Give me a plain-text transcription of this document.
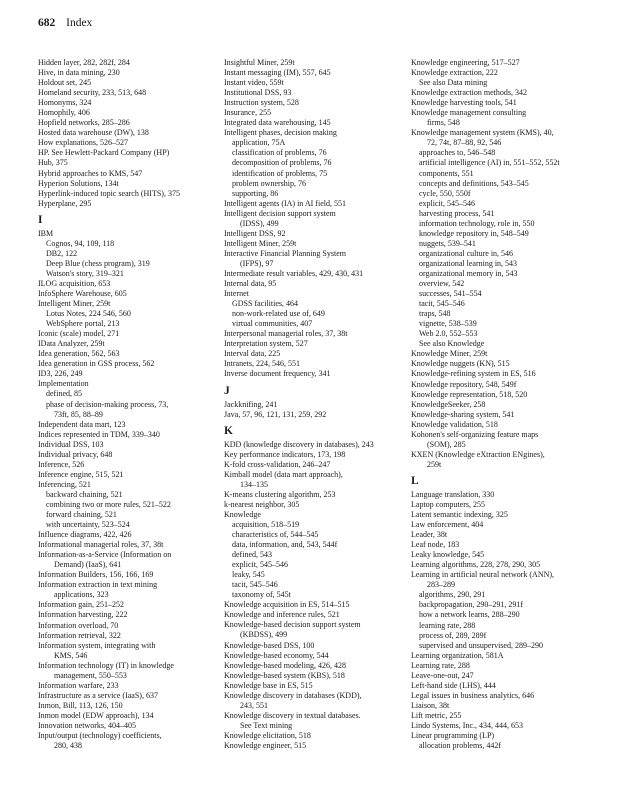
682 Index
Hidden layer, 282, 282f, 284
Hive, in data mining, 230
Holdout set, 245
Homeland security, 233, 513, 648
Homonyms, 324
Homophily, 406
Hopfield networks, 285–286
Hosted data warehouse (DW), 138
How explanations, 526–527
HP. See Hewlett-Packard Company (HP)
Hub, 375
Hybrid approaches to KMS, 547
Hyperion Solutions, 134t
Hyperlink-induced topic search (HITS), 375
Hyperplane, 295
I
IBM
Cognos, 94, 109, 118
DB2, 122
Deep Blue (chess program), 319
Watson's story, 319–321
ILOG acquisition, 653
InfoSphere Warehouse, 605
Intelligent Miner, 259t
Lotus Notes, 224 546, 560
WebSphere portal, 213
Iconic (scale) model, 271
IData Analyzer, 259t
Idea generation, 562, 563
Idea generation in GSS process, 562
ID3, 226, 249
Implementation
defined, 85
phase of decision-making process, 73,
73ft, 85, 88–89
Independent data mart, 123
Indices represented in TDM, 339–340
Individual DSS, 103
Individual privacy, 648
Inference, 526
Inference engine, 515, 521
Inferencing, 521
backward chaining, 521
combining two or more rules, 521–522
forward chaining, 521
with uncertainty, 523–524
Influence diagrams, 422, 426
Informational managerial roles, 37, 38t
Information-as-a-Service (Information on
Demand) (IaaS), 641
Information Builders, 156, 166, 169
Information extraction in text mining
applications, 323
Information gain, 251–252
Information harvesting, 222
Information overload, 70
Information retrieval, 322
Information system, integrating with
KMS, 546
Information technology (IT) in knowledge
management, 550–553
Information warfare, 233
Infrastructure as a service (IaaS), 637
Inmon, Bill, 113, 126, 150
Inmon model (EDW approach), 134
Innovation networks, 404–405
Input/output (technology) coefficients,
280, 438
Insightful Miner, 259t
Instant messaging (IM), 557, 645
Instant video, 559t
Institutional DSS, 93
Instruction system, 528
Insurance, 255
Integrated data warehousing, 145
Intelligent phases, decision making
application, 75A
classification of problems, 76
decomposition of problems, 76
identification of problems, 75
problem ownership, 76
supporting, 86
Intelligent agents (IA) in AI field, 551
Intelligent decision support system
(IDSS), 499
Intelligent DSS, 92
Intelligent Miner, 259t
Interactive Financial Planning System
(IFPS), 97
Intermediate result variables, 429, 430, 431
Internal data, 95
Internet
GDSS facilities, 464
non-work-related use of, 649
virtual communities, 407
Interpersonal managerial roles, 37, 38t
Interpretation system, 527
Interval data, 225
Intranets, 224, 546, 551
Inverse document frequency, 341
J
Jackknifing, 241
Java, 57, 96, 121, 131, 259, 292
K
KDD (knowledge discovery in databases), 243
Key performance indicators, 173, 198
K-fold cross-validation, 246–247
Kimball model (data mart approach),
134–135
K-means clustering algorithm, 253
k-nearest neighbor, 305
Knowledge
acquisition, 518–519
characteristics of, 544–545
data, information, and, 543, 544f
defined, 543
explicit, 545–546
leaky, 545
tacit, 545–546
taxonomy of, 545t
Knowledge acquisition in ES, 514–515
Knowledge and inference rules, 521
Knowledge-based decision support system
(KBDSS), 499
Knowledge-based DSS, 100
Knowledge-based economy, 544
Knowledge-based modeling, 426, 428
Knowledge-based system (KBS), 518
Knowledge base in ES, 515
Knowledge discovery in databases (KDD),
243, 551
Knowledge discovery in textual databases.
See Text mining
Knowledge elicitation, 518
Knowledge engineer, 515
Knowledge engineering, 517–527
Knowledge extraction, 222
See also Data mining
Knowledge extraction methods, 342
Knowledge harvesting tools, 541
Knowledge management consulting
firms, 548
Knowledge management system (KMS), 40,
72, 74t, 87–88, 92, 546
approaches to, 546–548
artificial intelligence (AI) in, 551–552, 552t
components, 551
concepts and definitions, 543–545
cycle, 550, 550f
explicit, 545–546
harvesting process, 541
information technology, role in, 550
knowledge repository in, 548–549
nuggets, 539–541
organizational culture in, 546
organizational learning in, 543
organizational memory in, 543
overview, 542
successes, 541–554
tacit, 545–546
traps, 548
vignette, 538–539
Web 2.0, 552–553
See also Knowledge
Knowledge Miner, 259t
Knowledge nuggets (KN), 515
Knowledge-refining system in ES, 516
Knowledge repository, 548, 549f
Knowledge representation, 518, 520
KnowledgeSeeker, 258
Knowledge-sharing system, 541
Knowledge validation, 518
Kohonen's self-organizing feature maps
(SOM), 285
KXEN (Knowledge eXtraction ENgines),
259t
L
Language translation, 330
Laptop computers, 255
Latent semantic indexing, 325
Law enforcement, 404
Leader, 38t
Leaf node, 183
Leaky knowledge, 545
Learning algorithms, 228, 278, 290, 305
Learning in artificial neural network (ANN),
283–289
algorithms, 290, 291
backpropagation, 290–291, 291f
how a network learns, 288–290
learning rate, 288
process of, 289, 289f
supervised and unsupervised, 289–290
Learning organization, 581A
Learning rate, 288
Leave-one-out, 247
Left-hand side (LHS), 444
Legal issues in business analytics, 646
Liaison, 38t
Lift metric, 255
Lindo Systems, Inc., 434, 444, 653
Linear programming (LP)
allocation problems, 442f
